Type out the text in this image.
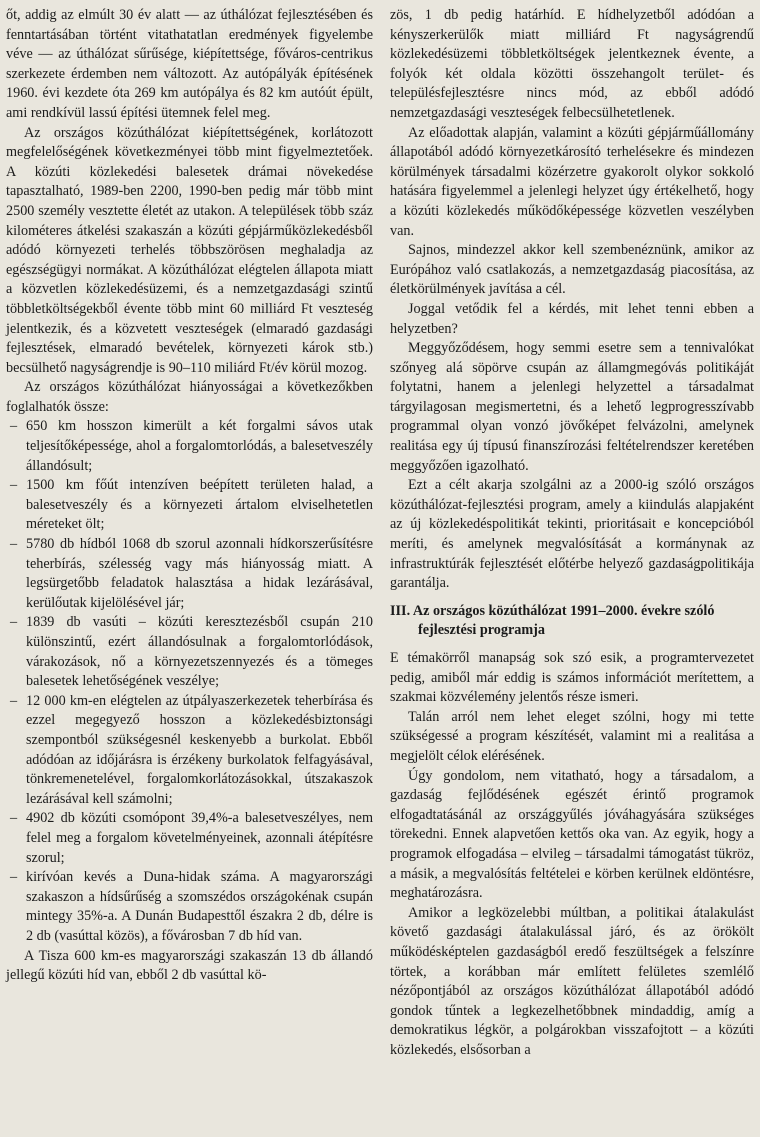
őt, addig az elmúlt 30 év alatt — az úthálózat fejlesztésében és fenntartásában történt vitathatatlan eredmények figyelembe véve — az úthálózat sűrűsége, kiépítettsége, főváros-centrikus szerkezete érdemben nem változott. Az autópályák építésének 1960. évi kezdete óta 269 km autópálya és 82 km autóút épült, ami rendkívül lassú építési ütemnek felel meg.

Az országos közúthálózat kiépítettségének, korlátozott megfelelőségének következményei több mint figyelmeztetőek. A közúti közlekedési balesetek drámai növekedése tapasztalható, 1989-ben 2200, 1990-ben pedig már több mint 2500 személy vesztette életét az utakon. A települések több száz kilométeres átkelési szakaszán a közúti gépjárműközlekedésből adódó környezeti terhelés többszörösen meghaladja az egészségügyi normákat. A közúthálózat elégtelen állapota miatt a közvetlen közlekedésüzemi, és a nemzetgazdasági szintű többletköltségekből évente több mint 60 milliárd Ft veszteség jelentkezik, és a közvetett veszteségek (elmaradó gazdasági fejlesztések, elmaradó bevételek, környezeti károk stb.) becsülhető nagyságrendje is 90–110 miliárd Ft/év körül mozog.

Az országos közúthálózat hiányosságai a következőkben foglalhatók össze:

– 650 km hosszon kimerült a két forgalmi sávos utak teljesítőképessége, ahol a forgalomtorlódás, a balesetveszély állandósult;
– 1500 km főút intenzíven beépített területen halad, a balesetveszély és a környezeti ártalom elviselhetetlen méreteket ölt;
– 5780 db hídból 1068 db szorul azonnali hídkorszerűsítésre teherbírás, szélesség vagy más hiányosság miatt. A legsürgetőbb feladatok halasztása a hidak lezárásával, kerülőutak kijelölésével jár;
– 1839 db vasúti – közúti keresztezésből csupán 210 különszintű, ezért állandósulnak a forgalomtorlódások, várakozások, nő a környezetszennyezés és a tömeges balesetek lehetőségének veszélye;
– 12 000 km-en elégtelen az útpályaszerkezetek teherbírása és ezzel megegyező hosszon a közlekedésbiztonsági szempontból szükségesnél keskenyebb a burkolat. Ebből adódóan az időjárásra is érzékeny burkolatok felfagyásával, tönkremenetelével, forgalomkorlátozásokkal, útszakaszok lezárásával kell számolni;
– 4902 db közúti csomópont 39,4%-a balesetveszélyes, nem felel meg a forgalom követelményeinek, azonnali átépítésre szorul;
– kirívóan kevés a Duna-hidak száma. A magyarországi szakaszon a hídsűrűség a szomszédos országokénak csupán mintegy 35%-a. A Dunán Budapesttől északra 2 db, délre is 2 db (vasúttal közös), a fővárosban 7 db híd van.

A Tisza 600 km-es magyarországi szakaszán 13 db állandó jellegű közúti híd van, ebből 2 db vasúttal kö-

zös, 1 db pedig határhíd. E hídhelyzetből adódóan a kényszerkerülők miatt milliárd Ft nagyságrendű közlekedésüzemi többletköltségek jelentkeznek évente, a folyók két oldala közötti összehangolt terület- és településfejlesztésre nincs mód, az ebből adódó nemzetgazdasági veszteségek felbecsülhetetlenek.

Az előadottak alapján, valamint a közúti gépjárműállomány állapotából adódó környezetkárosító terhelésekre és mindezen körülmények társadalmi közérzetre gyakorolt olykor sokkoló hatására figyelemmel a jelenlegi helyzet úgy értékelhető, hogy a közúti közlekedés működőképessége közvetlen veszélyben van.

Sajnos, mindezzel akkor kell szembenéznünk, amikor az Európához való csatlakozás, a nemzetgazdaság piacosítása, az életkörülmények javítása a cél.

Joggal vetődik fel a kérdés, mit lehet tenni ebben a helyzetben?

Meggyőződésem, hogy semmi esetre sem a tennivalókat szőnyeg alá söpörve csupán az államgmegóvás politikáját folytatni, hanem a jelenlegi helyzettel a társadalmat tárgyilagosan megismertetni, és a lehető legprogresszívabb programmal olyan vonzó jövőképet felvázolni, amelynek realitása egy új típusú finanszírozási feltételrendszer keretében meggyőzően igazolható.

Ezt a célt akarja szolgálni az a 2000-ig szóló országos közúthálózat-fejlesztési program, amely a kiindulás alapjaként az új közlekedéspolitikát tekinti, prioritásait e koncepcióból meríti, és amelynek megvalósítását a kormánynak az infrastruktúrák fejlesztését előtérbe helyező gazdaságpolitikája garantálja.

III. Az országos közúthálózat 1991–2000. évekre szóló fejlesztési programja

E témakörről manapság sok szó esik, a programtervezetet pedig, amiből már eddig is számos információt merítettem, a szakmai közvélemény jelentős része ismeri.

Talán arról nem lehet eleget szólni, hogy mi tette szükségessé a program készítését, valamint mi a realitása a megjelölt célok elérésének.

Úgy gondolom, nem vitatható, hogy a társadalom, a gazdaság fejlődésének egészét érintő programok elfogadtatásánál az országgyűlés jóváhagyására szükséges törekedni. Ennek alapvetően kettős oka van. Az egyik, hogy a programok elfogadása – elvileg – társadalmi támogatást tükröz, a másik, a megvalósítás feltételei e körben kerülnek eldöntésre, meghatározásra.

Amikor a legközelebbi múltban, a politikai átalakulást követő gazdasági átalakulással járó, és az örökölt működésképtelen gazdaságból eredő feszültségek a felszínre törtek, a korábban már említett felületes szemlélő nézőpontjából az országos közúthálózat állapotából adódó gondok tűntek a legkezelhetőbbnek mindaddig, amíg a demokratikus légkör, a polgárokban visszafojtott – a közúti közlekedés, elsősorban a
